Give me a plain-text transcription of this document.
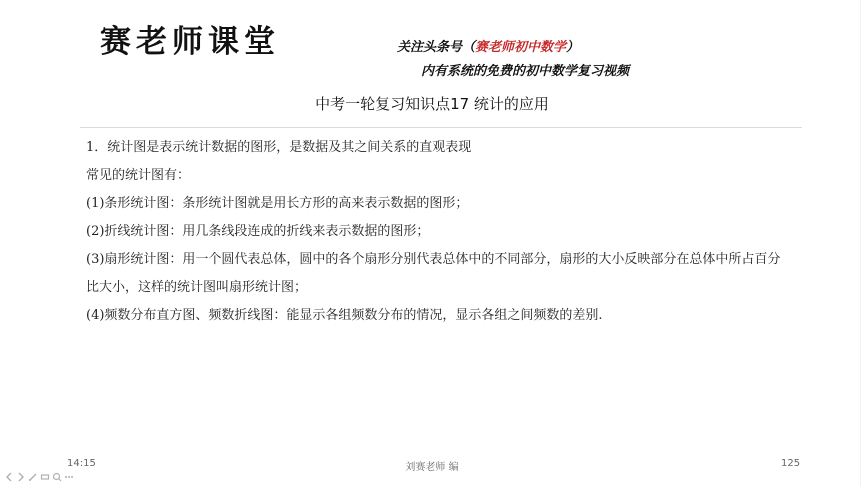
赛老师课堂	关注头条号（赛老师初中数学）
内有系统的免费的初中数学复习视频
中考一轮复习知识点17 统计的应用
1．统计图是表示统计数据的图形，是数据及其之间关系的直观表现
常见的统计图有：
(1)条形统计图：条形统计图就是用长方形的高来表示数据的图形；
(2)折线统计图：用几条线段连成的折线来表示数据的图形；
(3)扇形统计图：用一个圆代表总体，圆中的各个扇形分别代表总体中的不同部分，扇形的大小反映部分在总体中所占百分
比大小，这样的统计图叫扇形统计图；
(4)频数分布直方图、频数折线图：能显示各组频数分布的情况，显示各组之间频数的差别.
14:15	刘赛老师 编	125
